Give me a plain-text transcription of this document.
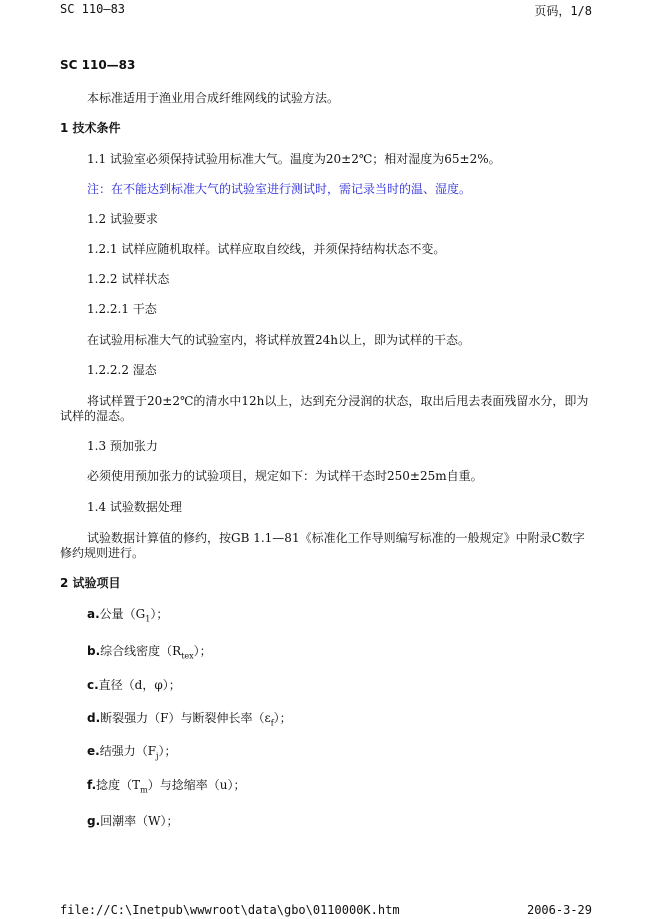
SC 110—83	页码，1/8
SC 110—83
本标准适用于渔业用合成纤维网线的试验方法。
1 技术条件
1.1 试验室必须保持试验用标准大气。温度为20±2℃；相对湿度为65±2%。
注：在不能达到标准大气的试验室进行测试时，需记录当时的温、湿度。
1.2 试验要求
1.2.1 试样应随机取样。试样应取自绞线，并须保持结构状态不变。
1.2.2 试样状态
1.2.2.1 干态
在试验用标准大气的试验室内，将试样放置24h以上，即为试样的干态。
1.2.2.2 湿态
将试样置于20±2℃的清水中12h以上，达到充分浸润的状态，取出后甩去表面残留水分，即为试样的湿态。
1.3 预加张力
必须使用预加张力的试验项目，规定如下：为试样干态时250±25m自重。
1.4 试验数据处理
试验数据计算值的修约，按GB 1.1—81《标准化工作导则编写标准的一般规定》中附录C数字修约规则进行。
2 试验项目
a.公量$(G_1)$；
b.综合线密度$(R_{tex})$；
c.直径（d，φ）；
d.断裂强力（F）与断裂伸长率$(\varepsilon_f)$；
e.结强力$(F_j)$；
f.捻度$(T_m)$与捻缩率（u）；
g.回潮率（W）；
file://C:\Inetpub\wwwroot\data\gbo\0110000K.htm	2006-3-29
